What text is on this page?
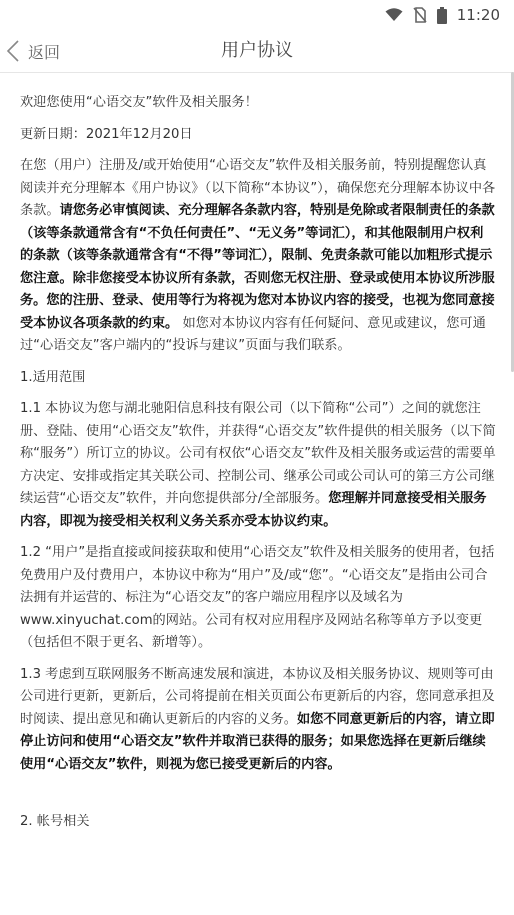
11:20
返回	用户协议

欢迎您使用“心语交友”软件及相关服务！

更新日期：2021年12月20日

在您（用户）注册及/或开始使用“心语交友”软件及相关服务前，特别提醒您认真阅读并充分理解本《用户协议》（以下简称“本协议”），确保您充分理解本协议中各条款。请您务必审慎阅读、充分理解各条款内容，特别是免除或者限制责任的条款（该等条款通常含有“不负任何责任”、“无义务”等词汇），和其他限制用户权利的条款（该等条款通常含有“不得”等词汇），限制、免责条款可能以加粗形式提示您注意。除非您接受本协议所有条款，否则您无权注册、登录或使用本协议所涉服务。您的注册、登录、使用等行为将视为您对本协议内容的接受，也视为您同意接受本协议各项条款的约束。 如您对本协议内容有任何疑问、意见或建议，您可通过“心语交友”客户端内的“投诉与建议”页面与我们联系。

1.适用范围

1.1 本协议为您与湖北驰阳信息科技有限公司（以下简称“公司”）之间的就您注册、登陆、使用“心语交友”软件，并获得“心语交友”软件提供的相关服务（以下简称“服务”）所订立的协议。公司有权依“心语交友”软件及相关服务或运营的需要单方决定、安排或指定其关联公司、控制公司、继承公司或公司认可的第三方公司继续运营“心语交友”软件，并向您提供部分/全部服务。您理解并同意接受相关服务内容，即视为接受相关权利义务关系亦受本协议约束。

1.2 “用户”是指直接或间接获取和使用“心语交友”软件及相关服务的使用者，包括免费用户及付费用户，本协议中称为“用户”及/或“您”。“心语交友”是指由公司合法拥有并运营的、标注为“心语交友”的客户端应用程序以及域名为www.xinyuchat.com的网站。公司有权对应用程序及网站名称等单方予以变更（包括但不限于更名、新增等）。

1.3 考虑到互联网服务不断高速发展和演进，本协议及相关服务协议、规则等可由公司进行更新，更新后，公司将提前在相关页面公布更新后的内容，您同意承担及时阅读、提出意见和确认更新后的内容的义务。如您不同意更新后的内容，请立即停止访问和使用“心语交友”软件并取消已获得的服务；如果您选择在更新后继续使用“心语交友”软件，则视为您已接受更新后的内容。

2. 帐号相关
